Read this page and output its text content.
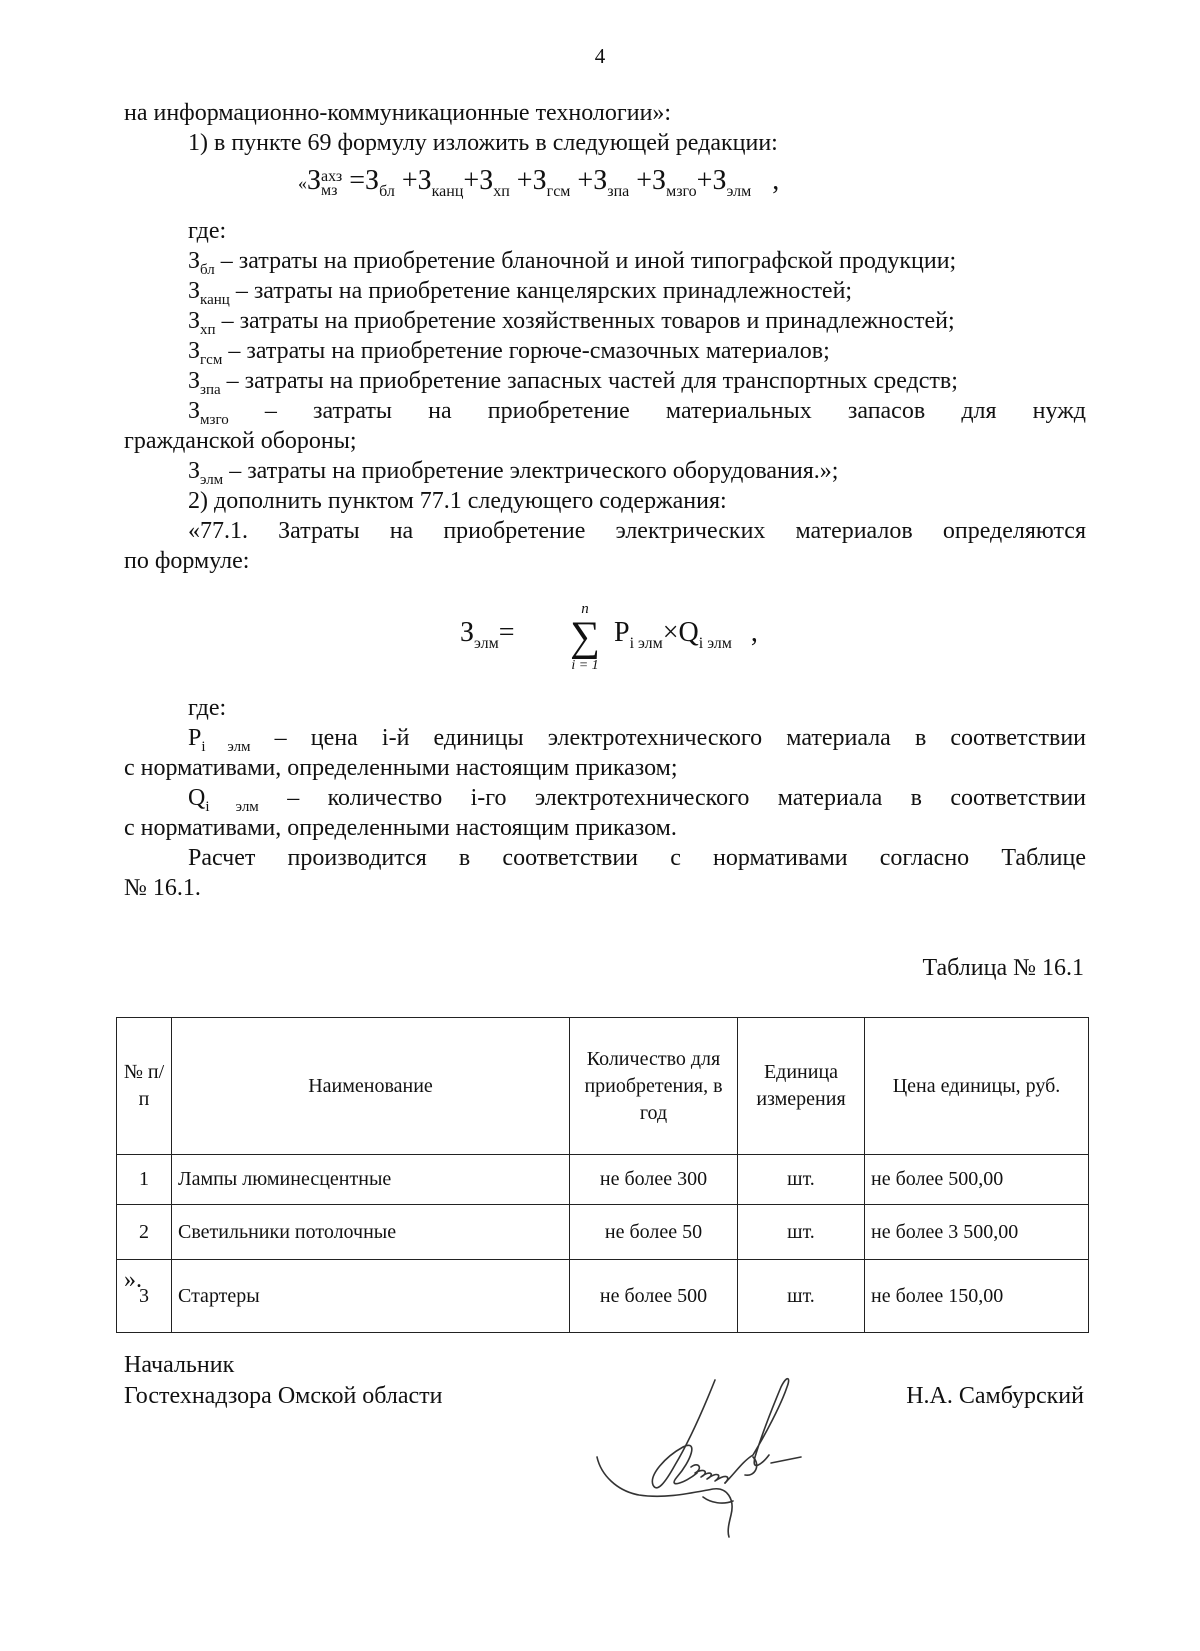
4
на информационно-коммуникационные технологии»:
1) в пункте 69 формулу изложить в следующей редакции:
«З ахз
мз $=З_{бл} +З_{канц}+З_{хп} +З_{гсм} +З_{зпа} +З_{мзго}+З_{элм}$ ,
где:
$З_{бл}$ – затраты на приобретение бланочной и иной типографской продукции;
$З_{канц}$ – затраты на приобретение канцелярских принадлежностей;
$З_{хп}$ – затраты на приобретение хозяйственных товаров и принадлежностей;
$З_{гсм}$ – затраты на приобретение горюче-смазочных материалов;
$З_{зпа}$ – затраты на приобретение запасных частей для транспортных средств;
$З_{мзго}$ – затраты на приобретение материальных запасов для нужд
гражданской обороны;
$З_{элм}$ – затраты на приобретение электрического оборудования.»;
2) дополнить пунктом 77.1 следующего содержания:
«77.1. Затраты на приобретение электрических материалов определяются
по формуле:
$З_{элм}=$
n
∑
i = 1
$P_{i элм}\times Q_{i элм}$ ,
где:
$P_{i элм}$ – цена i-й единицы электротехнического материала в соответствии
с нормативами, определенными настоящим приказом;
$Q_{i элм}$ – количество i-го электротехнического материала в соответствии
с нормативами, определенными настоящим приказом.
Расчет производится в соответствии с нормативами согласно Таблице
№ 16.1.
Таблица № 16.1
№ п/п	Наименование	Количество для приобретения, в год	Единица измерения	Цена единицы, руб.
1	Лампы люминесцентные	не более 300	шт.	не более 500,00
2	Светильники потолочные	не более 50	шт.	не более 3 500,00
3	Стартеры	не более 500	шт.	не более 150,00
».
Начальник
Гостехнадзора Омской области	Н.А. Самбурский
